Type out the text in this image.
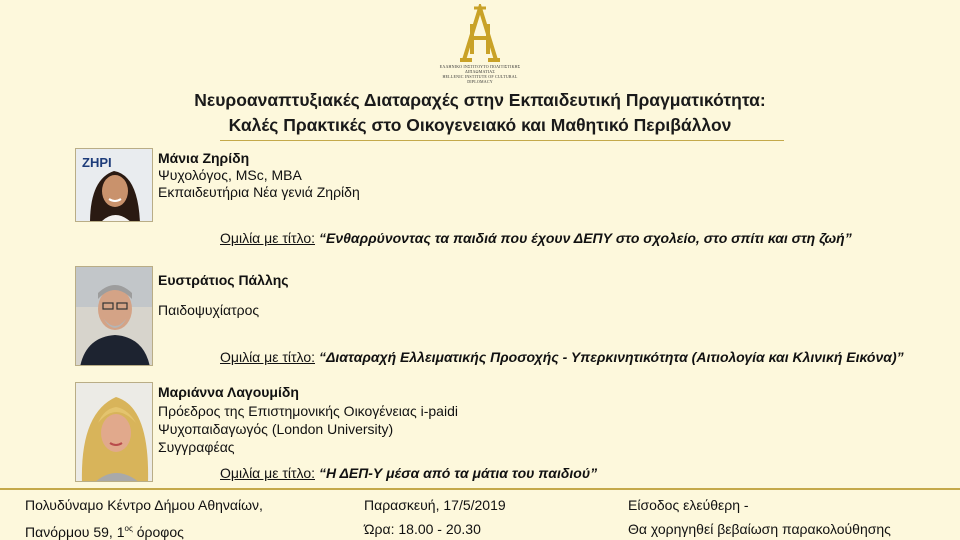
ΕΛΛΗΝΙΚΟ ΙΝΣΤΙΤΟΥΤΟ ΠΟΛΙΤΙΣΤΙΚΗΣ ΔΙΠΛΩΜΑΤΙΑΣ
HELLENIC INSTITUTE OF CULTURAL DIPLOMACY
Νευροαναπτυξιακές Διαταραχές στην Εκπαιδευτική Πραγματικότητα:
Καλές Πρακτικές στο Οικογενειακό και Μαθητικό Περιβάλλον
ΖΗΡΙ	Μάνια Ζηρίδη
Ψυχολόγος, MSc, MBA
Εκπαιδευτήρια Νέα γενιά Ζηρίδη
Ομιλία με τίτλο: “Ενθαρρύνοντας τα παιδιά που έχουν ΔΕΠΥ στο σχολείο, στο σπίτι και στη ζωή”
Ευστράτιος Πάλλης
Παιδοψυχίατρος
Ομιλία με τίτλο: “Διαταραχή Ελλειματικής Προσοχής - Υπερκινητικότητα (Αιτιολογία και Κλινική Εικόνα)”
Μαριάννα Λαγουμίδη
Πρόεδρος της Επιστημονικής Οικογένειας i-paidi
Ψυχοπαιδαγωγός (London University)
Συγγραφέας
Ομιλία με τίτλο: “Η ΔΕΠ-Υ μέσα από τα μάτια του παιδιού”
Πολυδύναμο Κέντρο Δήμου Αθηναίων,
Πανόρμου 59, $1^{o\varsigma}$ όροφος
Παρασκευή, 17/5/2019
Ώρα: 18.00 - 20.30
Είσοδος ελεύθερη -
Θα χορηγηθεί βεβαίωση παρακολούθησης
